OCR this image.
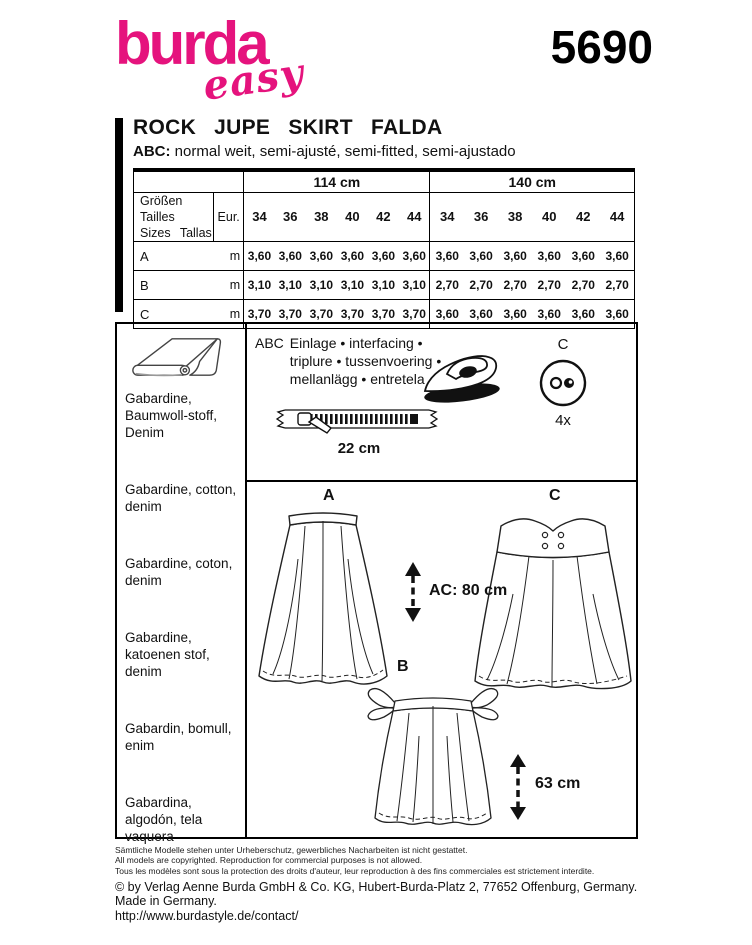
burda
easy
5690
ROCK JUPE SKIRT FALDA
ABC: normal weit, semi-ajusté, semi-fitted, semi-ajustado
		114 cm						140 cm					

Größen Tailles
Sizes Tallas	Eur.	34	36	38	40	42	44	34	36	38	40	42	44
A	m	3,60	3,60	3,60	3,60	3,60	3,60	3,60	3,60	3,60	3,60	3,60	3,60
B	m	3,10	3,10	3,10	3,10	3,10	3,10	2,70	2,70	2,70	2,70	2,70	2,70
C	m	3,70	3,70	3,70	3,70	3,70	3,70	3,60	3,60	3,60	3,60	3,60	3,60
Gabardine, Baumwoll-stoff, Denim
Gabardine, cotton, denim
Gabardine, coton, denim
Gabardine, katoenen stof, denim
Gabardin, bomull, enim
Gabardina, algodón, tela vaquera
ABC Einlage • interfacing • triplure • tussenvoering • mellanlägg • entretela
C
4x
22 cm
A	C
AC: 80 cm
B
63 cm
Sämtliche Modelle stehen unter Urheberschutz, gewerbliches Nacharbeiten ist nicht gestattet.
All models are copyrighted. Reproduction for commercial purposes is not allowed.
Tous les modèles sont sous la protection des droits d'auteur, leur reproduction à des fins commerciales est strictement interdite.
© by Verlag Aenne Burda GmbH & Co. KG, Hubert-Burda-Platz 2, 77652 Offenburg, Germany. Made in Germany.
http://www.burdastyle.de/contact/
